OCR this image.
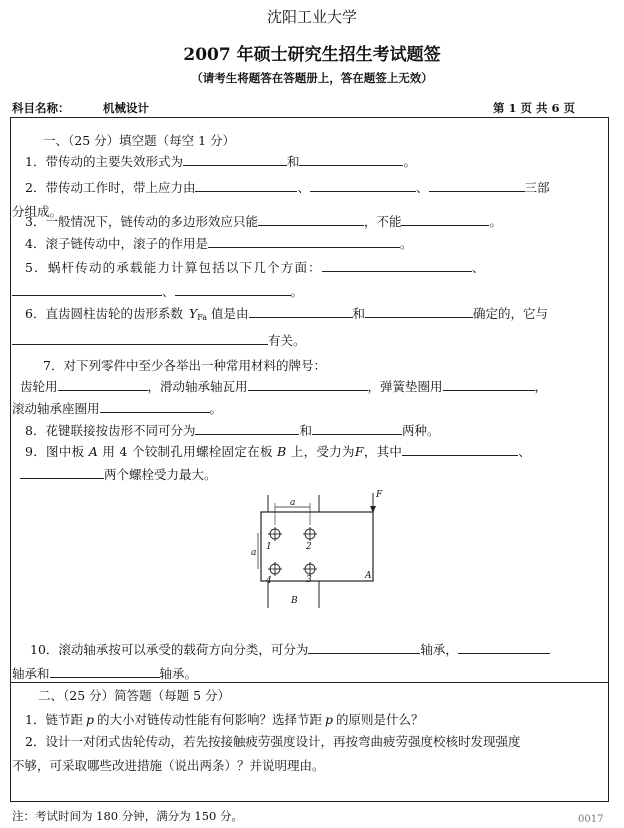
沈阳工业大学
2007 年硕士研究生招生考试题签
（请考生将题答在答题册上，答在题签上无效）
科目名称：	机械设计	第 1 页 共 6 页
一、（25 分）填空题（每空 1 分）
1．带传动的主要失效形式为	和	。
2．带传动工作时，带上应力由	、	、	三部
分组成。
3．一般情况下，链传动的多边形效应只能	，不能	。
4．滚子链传动中，滚子的作用是	。
5．蜗杆传动的承载能力计算包括以下几个方面：	、
、	。
6．直齿圆柱齿轮的齿形系数 $Y_{Fa}$ 值是由	和	确定的，它与
有关。
7．对下列零件中至少各举出一种常用材料的牌号：
齿轮用	，滑动轴承轴瓦用	，弹簧垫圈用	，
滚动轴承座圈用	。
8．花键联接按齿形不同可分为	和	两种。
9．图中板 A 用 4 个铰制孔用螺栓固定在板 B 上，受力为F，其中	、
两个螺栓受力最大。
F
a
a
1	2
4	3	A
B
10．滚动轴承按可以承受的载荷方向分类，可分为	轴承，
轴承和	轴承。
二、（25 分）简答题（每题 5 分）
1．链节距 p 的大小对链传动性能有何影响？选择节距 p 的原则是什么？
2．设计一对闭式齿轮传动，若先按接触疲劳强度设计，再按弯曲疲劳强度校核时发现强度
不够，可采取哪些改进措施（说出两条）？并说明理由。
注：考试时间为 180 分钟，满分为 150 分。	0017
